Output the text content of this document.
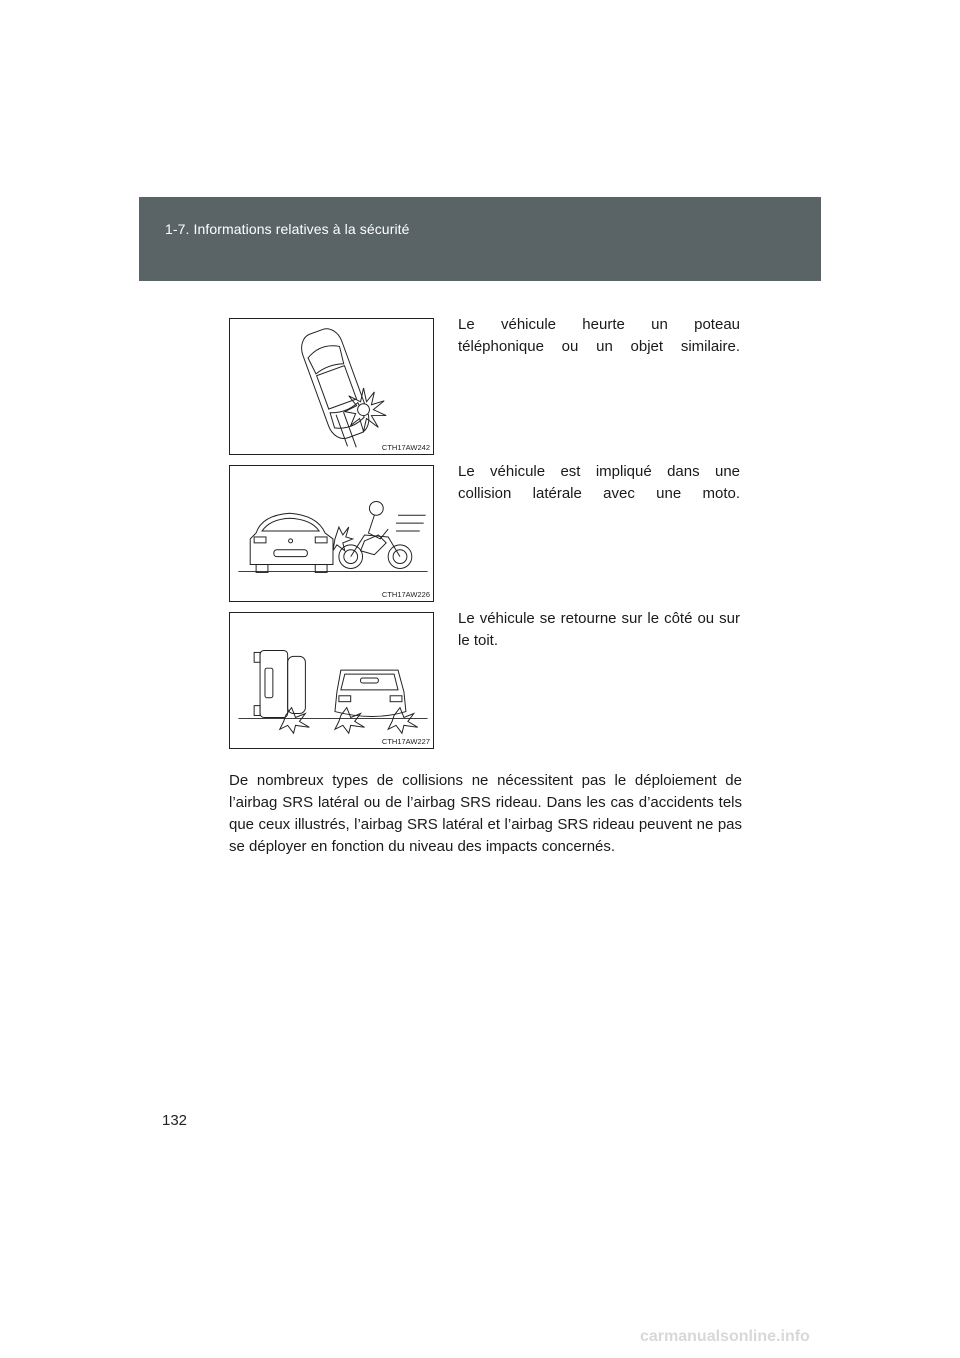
1-7. Informations relatives à la sécurité
CTH17AW242
Le véhicule heurte un poteau téléphonique ou un objet similaire.
CTH17AW226
Le véhicule est impliqué dans une collision latérale avec une moto.
CTH17AW227
Le véhicule se retourne sur le côté ou sur le toit.

De nombreux types de collisions ne nécessitent pas le déploiement de l’airbag SRS latéral ou de l’airbag SRS rideau. Dans les cas d’accidents tels que ceux illustrés, l’airbag SRS latéral et l’airbag SRS rideau peuvent ne pas se déployer en fonction du niveau des impacts concernés.

132
carmanualsonline.info
